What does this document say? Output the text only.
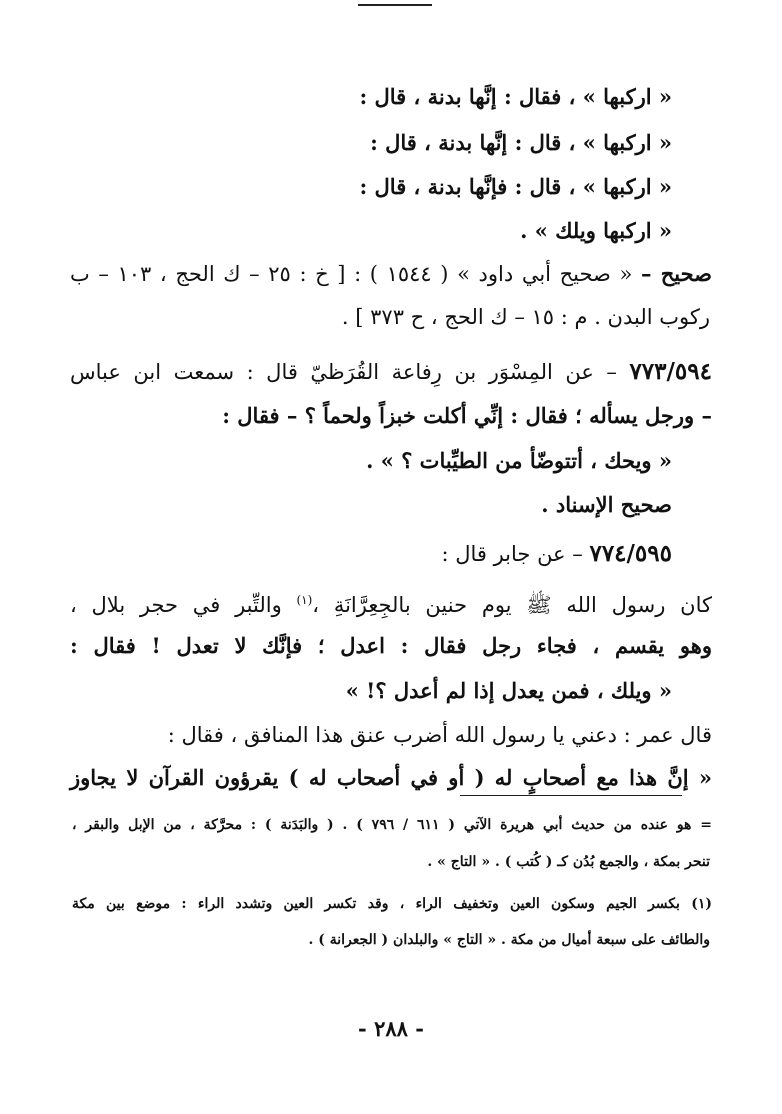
« اركبها » ، فقال : إنَّها بدنة ، قال :
« اركبها » ، قال : إنَّها بدنة ، قال :
« اركبها » ، قال : فإنَّها بدنة ، قال :
« اركبها ويلك » .
صحيح – « صحيح أبي داود » ( ١٥٤٤ ) : [ خ : ٢٥ – ك الحج ، ١٠٣ – ب
ركوب البدن . م : ١٥ – ك الحج ، ح ٣٧٣ ] .
٧٧٣/٥٩٤ – عن المِسْوَر بن رِفاعة القُرَظيّ قال : سمعت ابن عباس
– ورجل يسأله ؛ فقال : إنِّي أكلت خبزاً ولحماً ؟ – فقال :
« ويحك ، أتتوضّأ من الطيِّبات ؟ » .
صحيح الإسناد .
٧٧٤/٥٩٥ – عن جابر قال :
كان رسول الله ﷺ يوم حنين بالجِعِرَّانَةِ ،$^{(١)}$ والتِّبر في حجر بلال ،
وهو يقسم ، فجاء رجل فقال : اعدل ؛ فإنَّك لا تعدل ! فقال :
« ويلك ، فمن يعدل إذا لم أعدل ؟! »
قال عمر : دعني يا رسول الله أضرب عنق هذا المنافق ، فقال :
« إنَّ هذا مع أصحابٍ له ( أو في أصحاب له ) يقرؤون القرآن لا يجاوز
= هو عنده من حديث أبي هريرة الآتي ( ٦١١ / ٧٩٦ ) . ( والبَدَنة ) : محرَّكة ، من الإبل والبقر ،
تنحر بمكة ، والجمع بُدُن كـ ( كُتب ) . « التاج » .
(١) بكسر الجيم وسكون العين وتخفيف الراء ، وقد تكسر العين وتشدد الراء : موضع بين مكة
والطائف على سبعة أميال من مكة . « التاج » والبلدان ( الجعرانة ) .
- ٢٨٨ -
